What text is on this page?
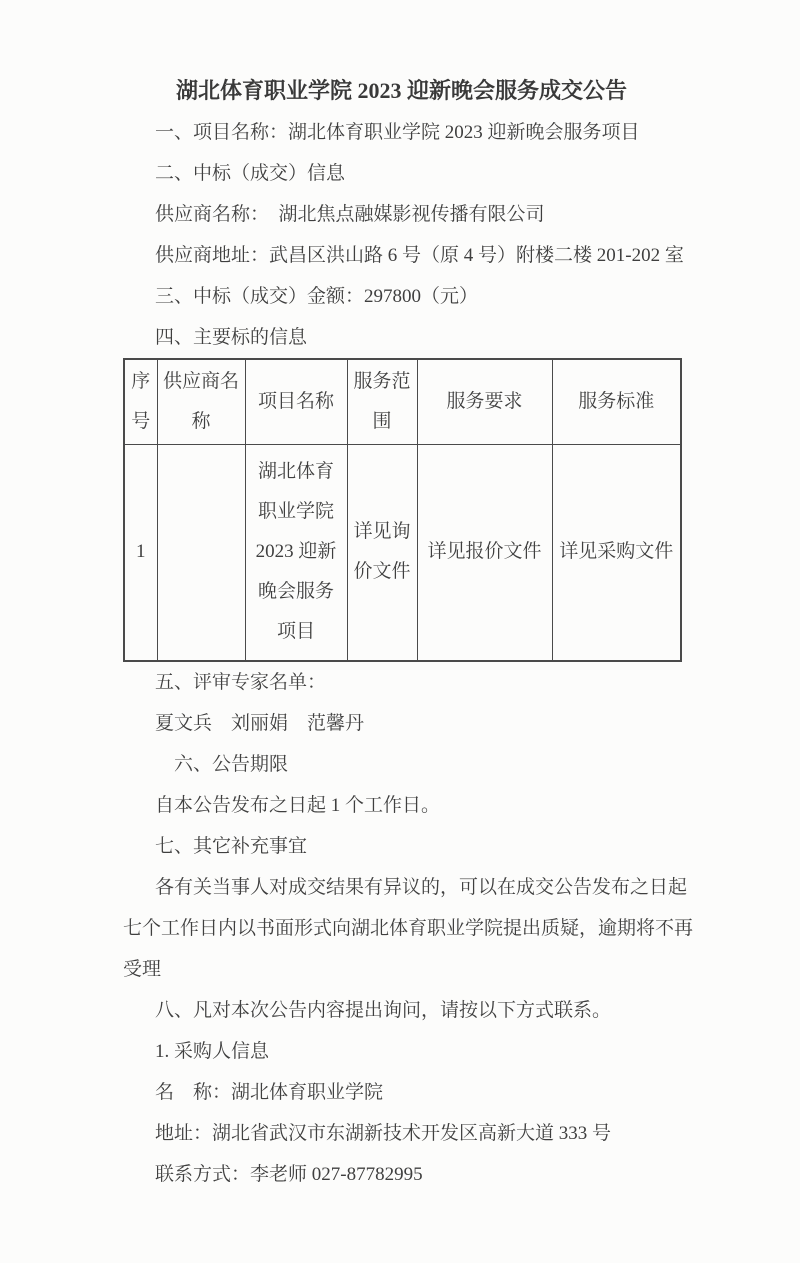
湖北体育职业学院 2023 迎新晚会服务成交公告
一、项目名称：湖北体育职业学院 2023 迎新晚会服务项目
二、中标（成交）信息
供应商名称：　湖北焦点融媒影视传播有限公司
供应商地址：武昌区洪山路 6 号（原 4 号）附楼二楼 201-202 室
三、中标（成交）金额：297800（元）
四、主要标的信息
序号	供应商名称	项目名称	服务范围	服务要求	服务标准
1		湖北体育职业学院 2023 迎新晚会服务项目	详见询价文件	详见报价文件	详见采购文件
五、评审专家名单：
夏文兵　刘丽娟　范馨丹
　六、公告期限
自本公告发布之日起 1 个工作日。
七、其它补充事宜
各有关当事人对成交结果有异议的，可以在成交公告发布之日起
七个工作日内以书面形式向湖北体育职业学院提出质疑，逾期将不再
受理
八、凡对本次公告内容提出询问，请按以下方式联系。
1. 采购人信息
名　称：湖北体育职业学院
地址：湖北省武汉市东湖新技术开发区高新大道 333 号
联系方式：李老师 027-87782995
